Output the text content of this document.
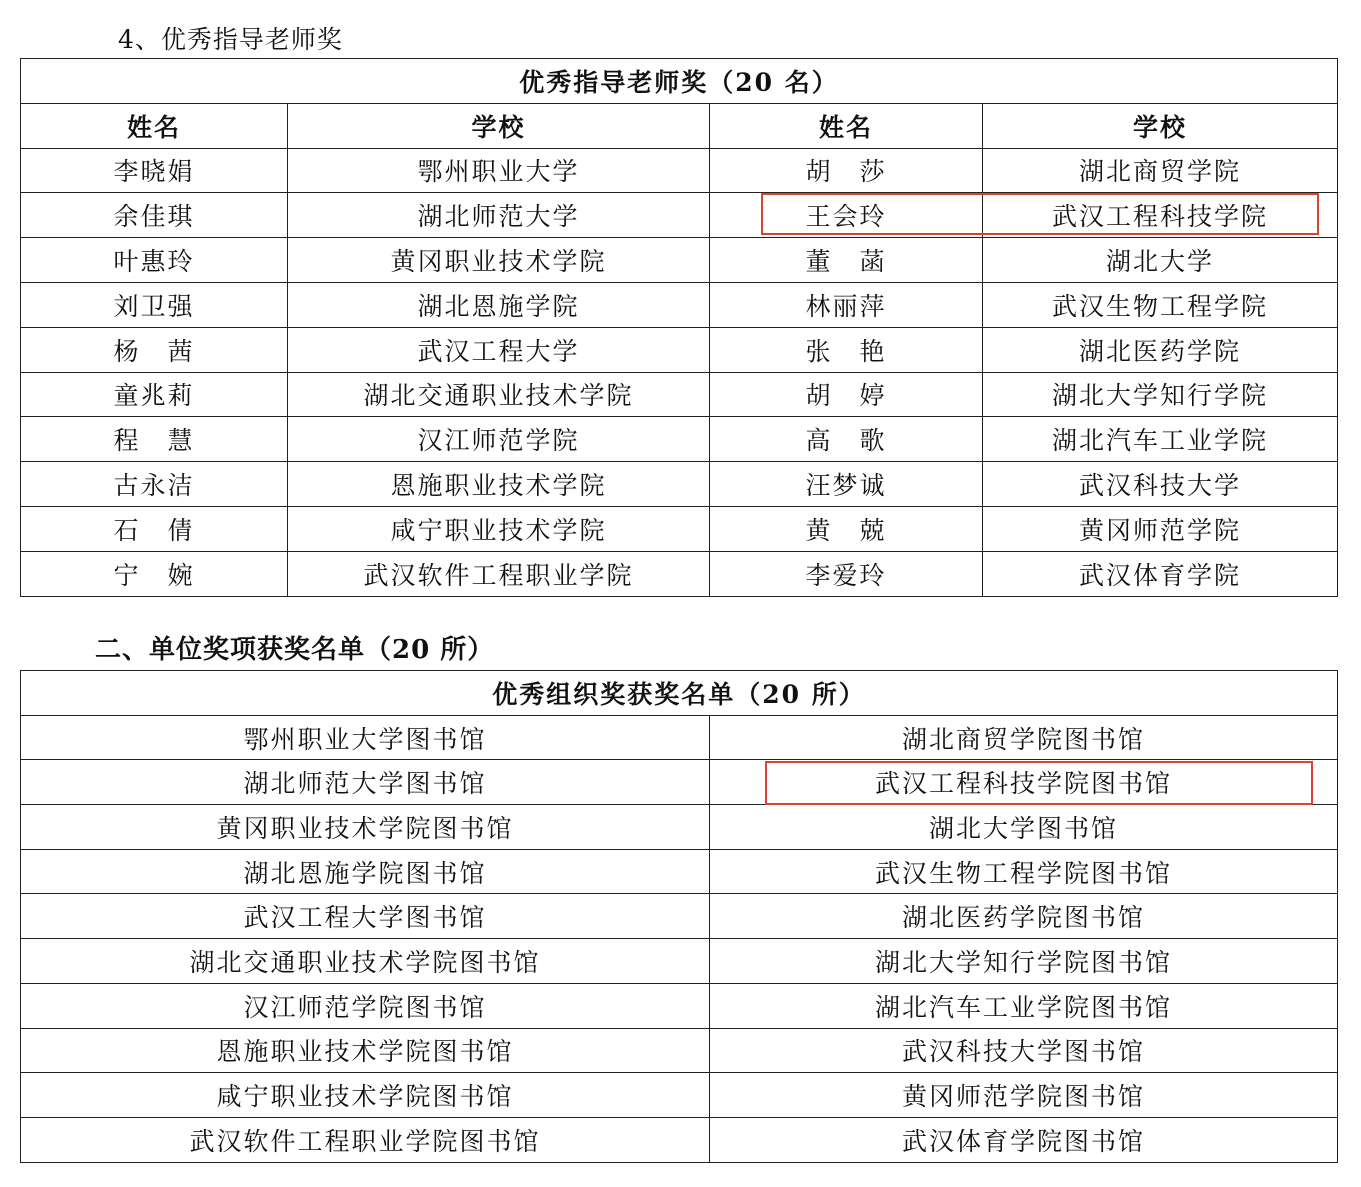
4、优秀指导老师奖
优秀指导老师奖（20 名）			
姓名	学校	姓名	学校
李晓娟	鄂州职业大学	胡　莎	湖北商贸学院
余佳琪	湖北师范大学	王会玲	武汉工程科技学院
叶惠玲	黄冈职业技术学院	董　菡	湖北大学
刘卫强	湖北恩施学院	林丽萍	武汉生物工程学院
杨　茜	武汉工程大学	张　艳	湖北医药学院
童兆莉	湖北交通职业技术学院	胡　婷	湖北大学知行学院
程　慧	汉江师范学院	高　歌	湖北汽车工业学院
古永洁	恩施职业技术学院	汪梦诚	武汉科技大学
石　倩	咸宁职业技术学院	黄　兢	黄冈师范学院
宁　婉	武汉软件工程职业学院	李爱玲	武汉体育学院
二、单位奖项获奖名单（20 所）
优秀组织奖获奖名单（20 所）	
鄂州职业大学图书馆	湖北商贸学院图书馆
湖北师范大学图书馆	武汉工程科技学院图书馆
黄冈职业技术学院图书馆	湖北大学图书馆
湖北恩施学院图书馆	武汉生物工程学院图书馆
武汉工程大学图书馆	湖北医药学院图书馆
湖北交通职业技术学院图书馆	湖北大学知行学院图书馆
汉江师范学院图书馆	湖北汽车工业学院图书馆
恩施职业技术学院图书馆	武汉科技大学图书馆
咸宁职业技术学院图书馆	黄冈师范学院图书馆
武汉软件工程职业学院图书馆	武汉体育学院图书馆
